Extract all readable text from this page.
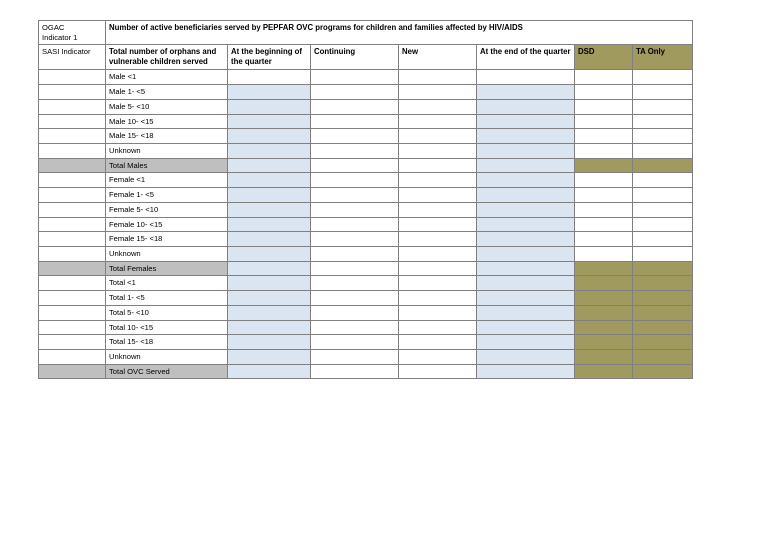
OGAC
Indicator 1	Number of active beneficiaries served by PEPFAR OVC programs for children and families affected by HIV/AIDS						
SASI Indicator	Total number of orphans and vulnerable children served	At the beginning of the quarter	Continuing	New	At the end of the quarter	DSD	TA Only
	Male <1						
	Male 1- <5						
	Male 5- <10						
	Male 10- <15						
	Male 15- <18						
	Unknown						
	Total Males						
	Female <1						
	Female 1- <5						
	Female 5- <10						
	Female 10- <15						
	Female 15- <18						
	Unknown						
	Total Females						
	Total <1						
	Total 1- <5						
	Total 5- <10						
	Total 10- <15						
	Total 15- <18						
	Unknown						
	Total OVC Served						
